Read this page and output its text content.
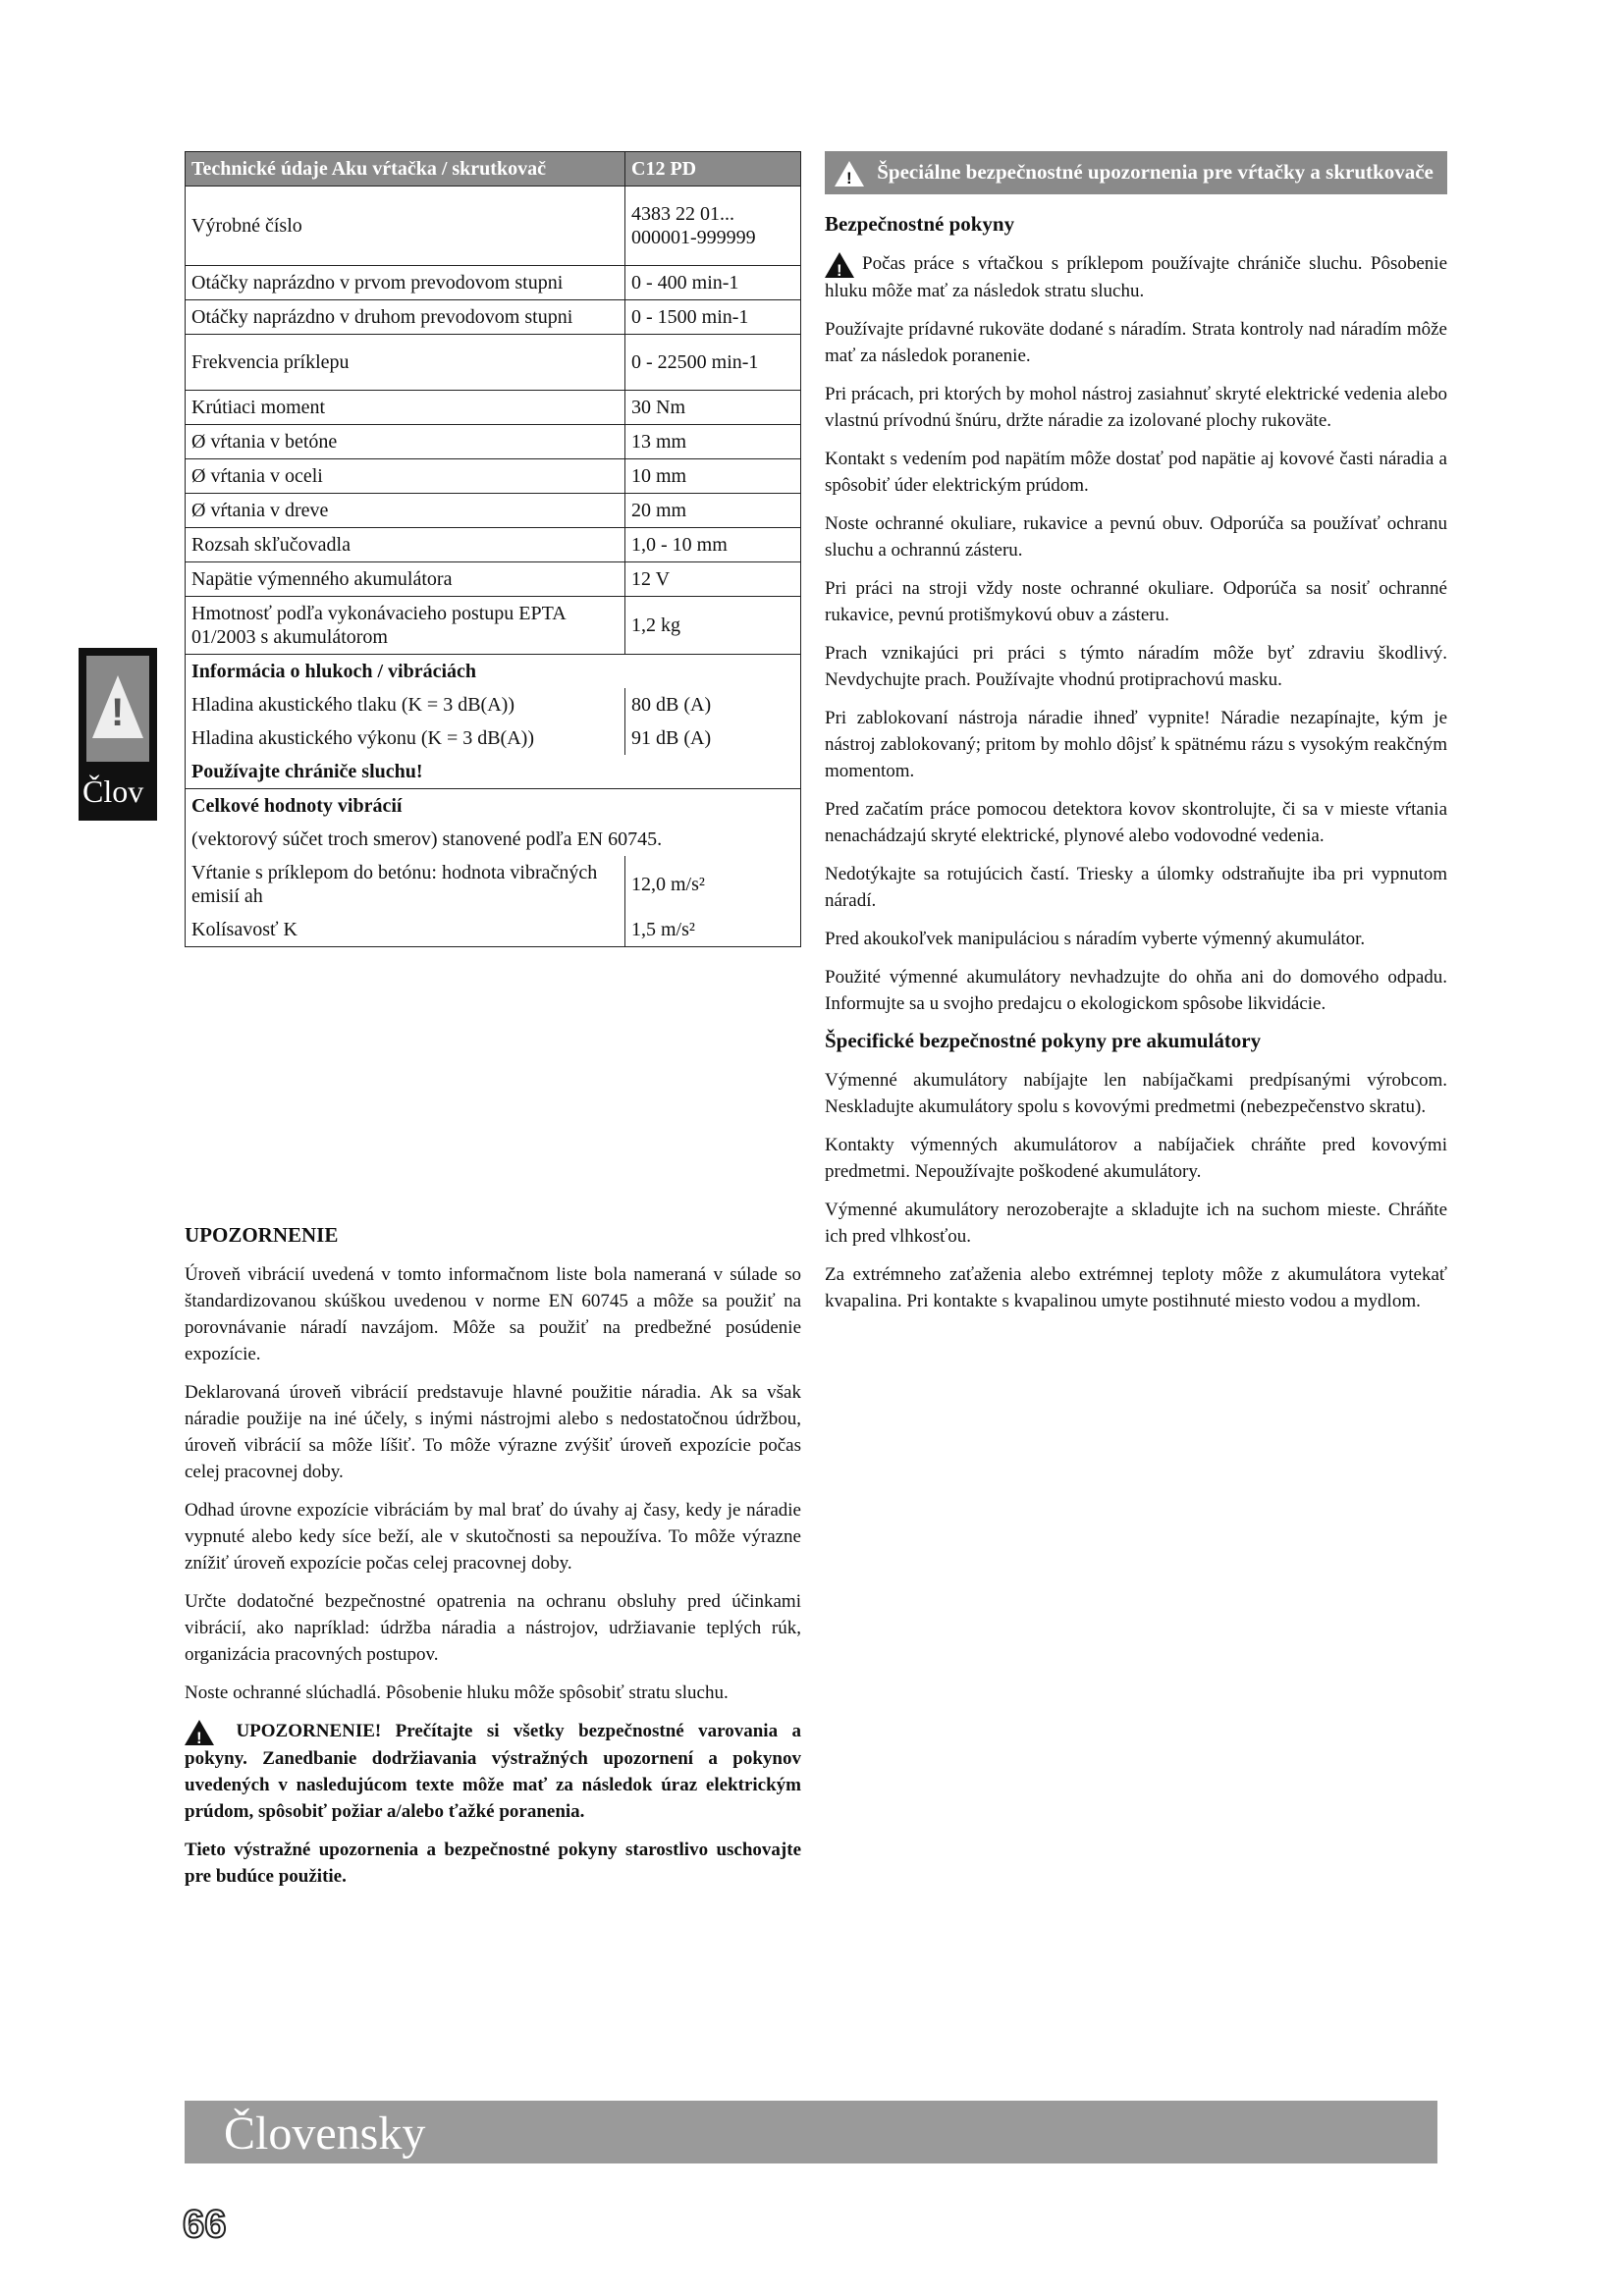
Technické údaje Aku vŕtačka / skrutkovač	C12 PD
Výrobné číslo	4383 22 01... 000001-999999
Otáčky naprázdno v prvom prevodovom stupni	0 - 400 min-1
Otáčky naprázdno v druhom prevodovom stupni	0 - 1500 min-1
Frekvencia príklepu	0 - 22500 min-1
Krútiaci moment	30 Nm
Ø vŕtania v betóne	13 mm
Ø vŕtania v oceli	10 mm
Ø vŕtania v dreve	20 mm
Rozsah skľučovadla	1,0 - 10 mm
Napätie výmenného akumulátora	12 V
Hmotnosť podľa vykonávacieho postupu EPTA 01/2003 s akumulátorom	1,2 kg
Informácia o hlukoch / vibráciách	
Hladina akustického tlaku (K = 3 dB(A))	80 dB (A)
Hladina akustického výkonu (K = 3 dB(A))	91 dB (A)
Používajte chrániče sluchu!	
Celkové hodnoty vibrácií	
(vektorový súčet troch smerov) stanovené podľa EN 60745.	
Vŕtanie s príklepom do betónu: hodnota vibračných emisií ah	12,0 m/s²
Kolísavosť K	1,5 m/s²
UPOZORNENIE

Úroveň vibrácií uvedená v tomto informačnom liste bola nameraná v súlade so štandardizovanou skúškou uvedenou v norme EN 60745 a môže sa použiť na porovnávanie náradí navzájom. Môže sa použiť na predbežné posúdenie expozície.

Deklarovaná úroveň vibrácií predstavuje hlavné použitie náradia. Ak sa však náradie použije na iné účely, s inými nástrojmi alebo s nedostatočnou údržbou, úroveň vibrácií sa môže líšiť. To môže výrazne zvýšiť úroveň expozície počas celej pracovnej doby.

Odhad úrovne expozície vibráciám by mal brať do úvahy aj časy, kedy je náradie vypnuté alebo kedy síce beží, ale v skutočnosti sa nepoužíva. To môže výrazne znížiť úroveň expozície počas celej pracovnej doby.

Určte dodatočné bezpečnostné opatrenia na ochranu obsluhy pred účinkami vibrácií, ako napríklad: údržba náradia a nástrojov, udržiavanie teplých rúk, organizácia pracovných postupov.

Noste ochranné slúchadlá. Pôsobenie hluku môže spôsobiť stratu sluchu.

! UPOZORNENIE! Prečítajte si všetky bezpečnostné varovania a pokyny. Zanedbanie dodržiavania výstražných upozornení a pokynov uvedených v nasledujúcom texte môže mať za následok úraz elektrickým prúdom, spôsobiť požiar a/alebo ťažké poranenia.

Tieto výstražné upozornenia a bezpečnostné pokyny starostlivo uschovajte pre budúce použitie.

! Špeciálne bezpečnostné upozornenia pre vŕtačky a skrutkovače
Bezpečnostné pokyny

!Počas práce s vŕtačkou s príklepom používajte chrániče sluchu. Pôsobenie hluku môže mať za následok stratu sluchu.

Používajte prídavné rukoväte dodané s náradím. Strata kontroly nad náradím môže mať za následok poranenie.

Pri prácach, pri ktorých by mohol nástroj zasiahnuť skryté elektrické vedenia alebo vlastnú prívodnú šnúru, držte náradie za izolované plochy rukoväte.

Kontakt s vedením pod napätím môže dostať pod napätie aj kovové časti náradia a spôsobiť úder elektrickým prúdom.

Noste ochranné okuliare, rukavice a pevnú obuv. Odporúča sa používať ochranu sluchu a ochrannú zásteru.

Pri práci na stroji vždy noste ochranné okuliare. Odporúča sa nosiť ochranné rukavice, pevnú protišmykovú obuv a zásteru.

Prach vznikajúci pri práci s týmto náradím môže byť zdraviu škodlivý. Nevdychujte prach. Používajte vhodnú protiprachovú masku.

Pri zablokovaní nástroja náradie ihneď vypnite! Náradie nezapínajte, kým je nástroj zablokovaný; pritom by mohlo dôjsť k spätnému rázu s vysokým reakčným momentom.

Pred začatím práce pomocou detektora kovov skontrolujte, či sa v mieste vŕtania nenachádzajú skryté elektrické, plynové alebo vodovodné vedenia.

Nedotýkajte sa rotujúcich častí. Triesky a úlomky odstraňujte iba pri vypnutom náradí.

Pred akoukoľvek manipuláciou s náradím vyberte výmenný akumulátor.

Použité výmenné akumulátory nevhadzujte do ohňa ani do domového odpadu. Informujte sa u svojho predajcu o ekologickom spôsobe likvidácie.

Špecifické bezpečnostné pokyny pre akumulátory

Výmenné akumulátory nabíjajte len nabíjačkami predpísanými výrobcom. Neskladujte akumulátory spolu s kovovými predmetmi (nebezpečenstvo skratu).

Kontakty výmenných akumulátorov a nabíjačiek chráňte pred kovovými predmetmi. Nepoužívajte poškodené akumulátory.

Výmenné akumulátory nerozoberajte a skladujte ich na suchom mieste. Chráňte ich pred vlhkosťou.

Za extrémneho zaťaženia alebo extrémnej teploty môže z akumulátora vytekať kvapalina. Pri kontakte s kvapalinou umyte postihnuté miesto vodou a mydlom.

!
Člov
Človensky
66
